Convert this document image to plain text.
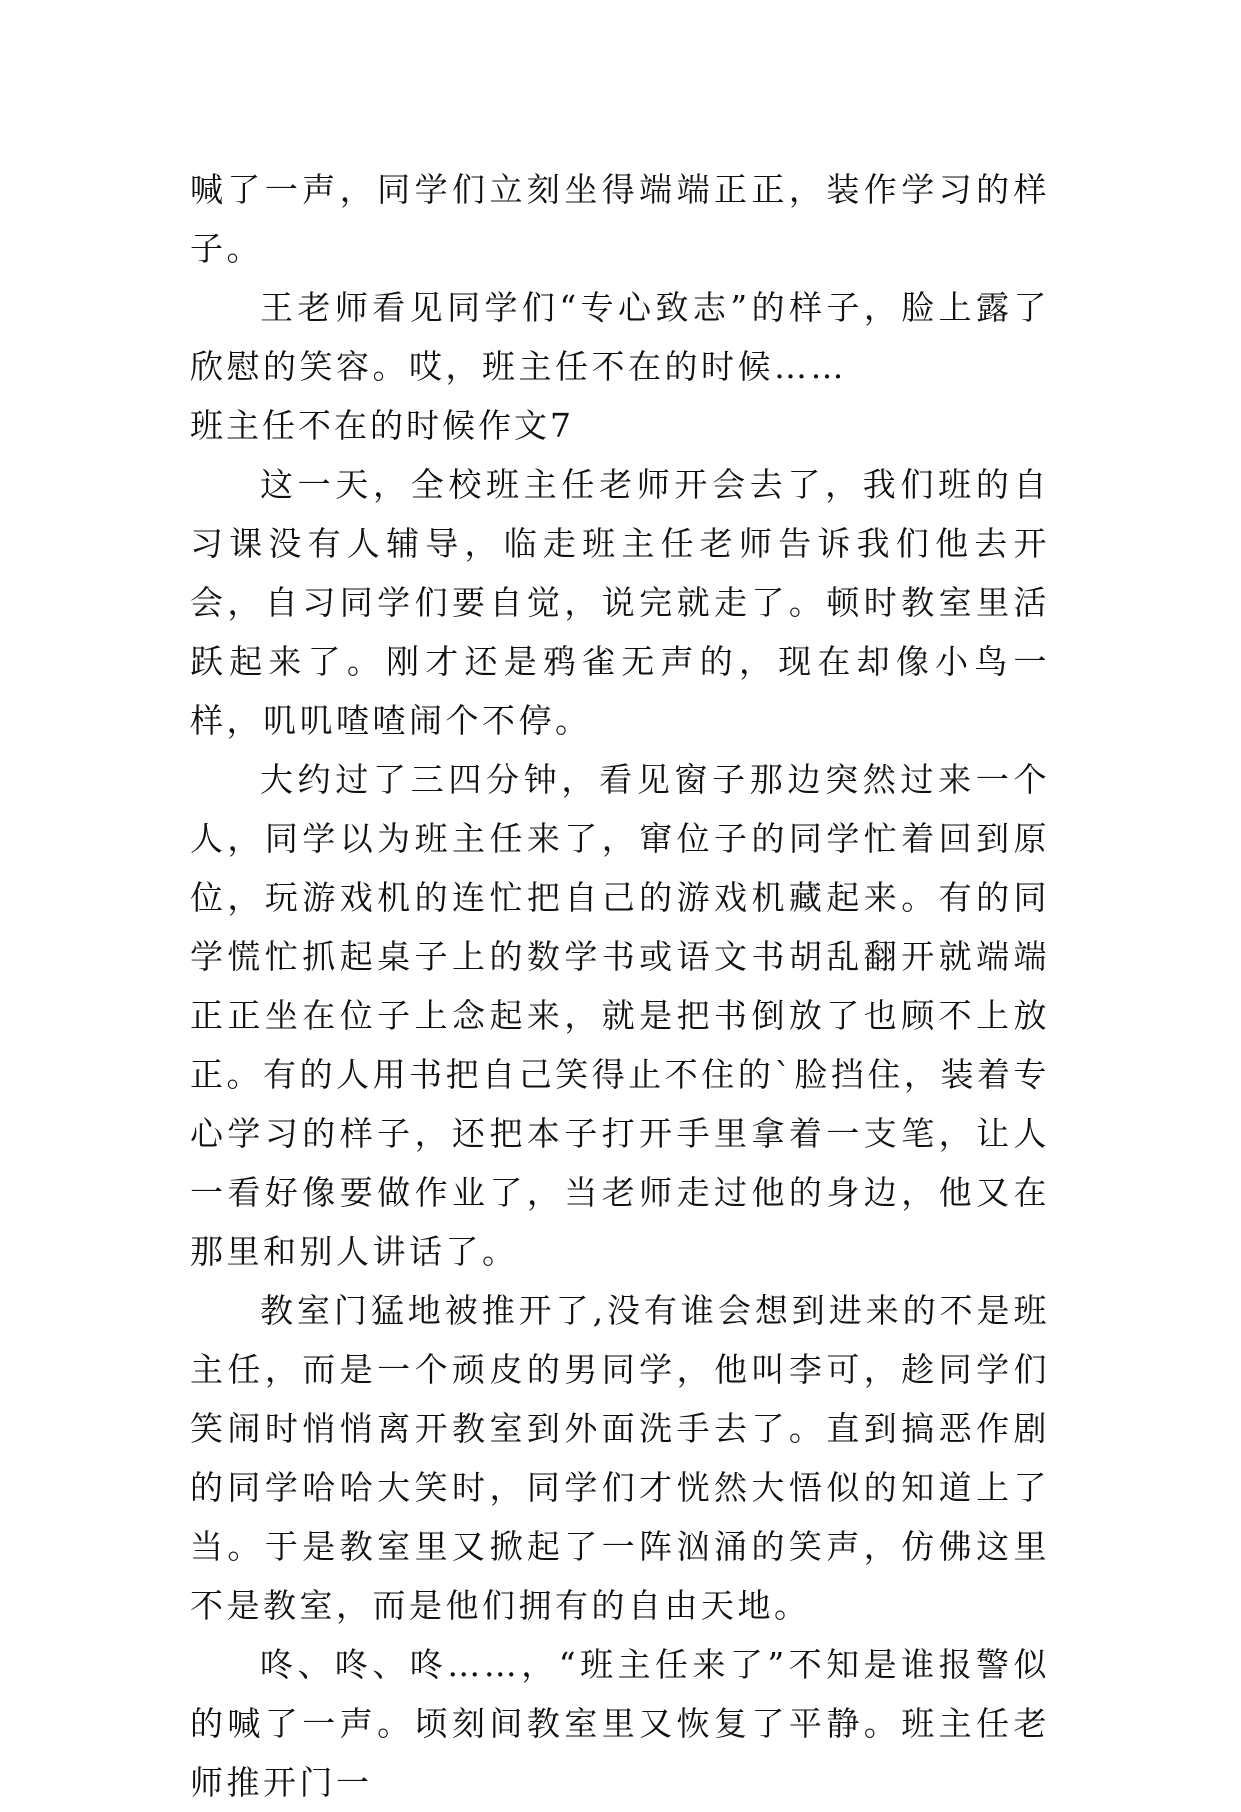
喊了一声，同学们立刻坐得端端正正，装作学习的样子。

王老师看见同学们“专心致志”的样子，脸上露了欣慰的笑容。哎，班主任不在的时候……

班主任不在的时候作文7

这一天，全校班主任老师开会去了，我们班的自习课没有人辅导，临走班主任老师告诉我们他去开会，自习同学们要自觉，说完就走了。顿时教室里活跃起来了。刚才还是鸦雀无声的，现在却像小鸟一样，叽叽喳喳闹个不停。

大约过了三四分钟，看见窗子那边突然过来一个人，同学以为班主任来了，窜位子的同学忙着回到原位，玩游戏机的连忙把自己的游戏机藏起来。有的同学慌忙抓起桌子上的数学书或语文书胡乱翻开就端端正正坐在位子上念起来，就是把书倒放了也顾不上放正。有的人用书把自己笑得止不住的`脸挡住，装着专心学习的样子，还把本子打开手里拿着一支笔，让人一看好像要做作业了，当老师走过他的身边，他又在那里和别人讲话了。

教室门猛地被推开了,没有谁会想到进来的不是班主任，而是一个顽皮的男同学，他叫李可，趁同学们笑闹时悄悄离开教室到外面洗手去了。直到搞恶作剧的同学哈哈大笑时，同学们才恍然大悟似的知道上了当。于是教室里又掀起了一阵汹涌的笑声，仿佛这里不是教室，而是他们拥有的自由天地。

咚、咚、咚……，“班主任来了”不知是谁报警似的喊了一声。顷刻间教室里又恢复了平静。班主任老师推开门一
